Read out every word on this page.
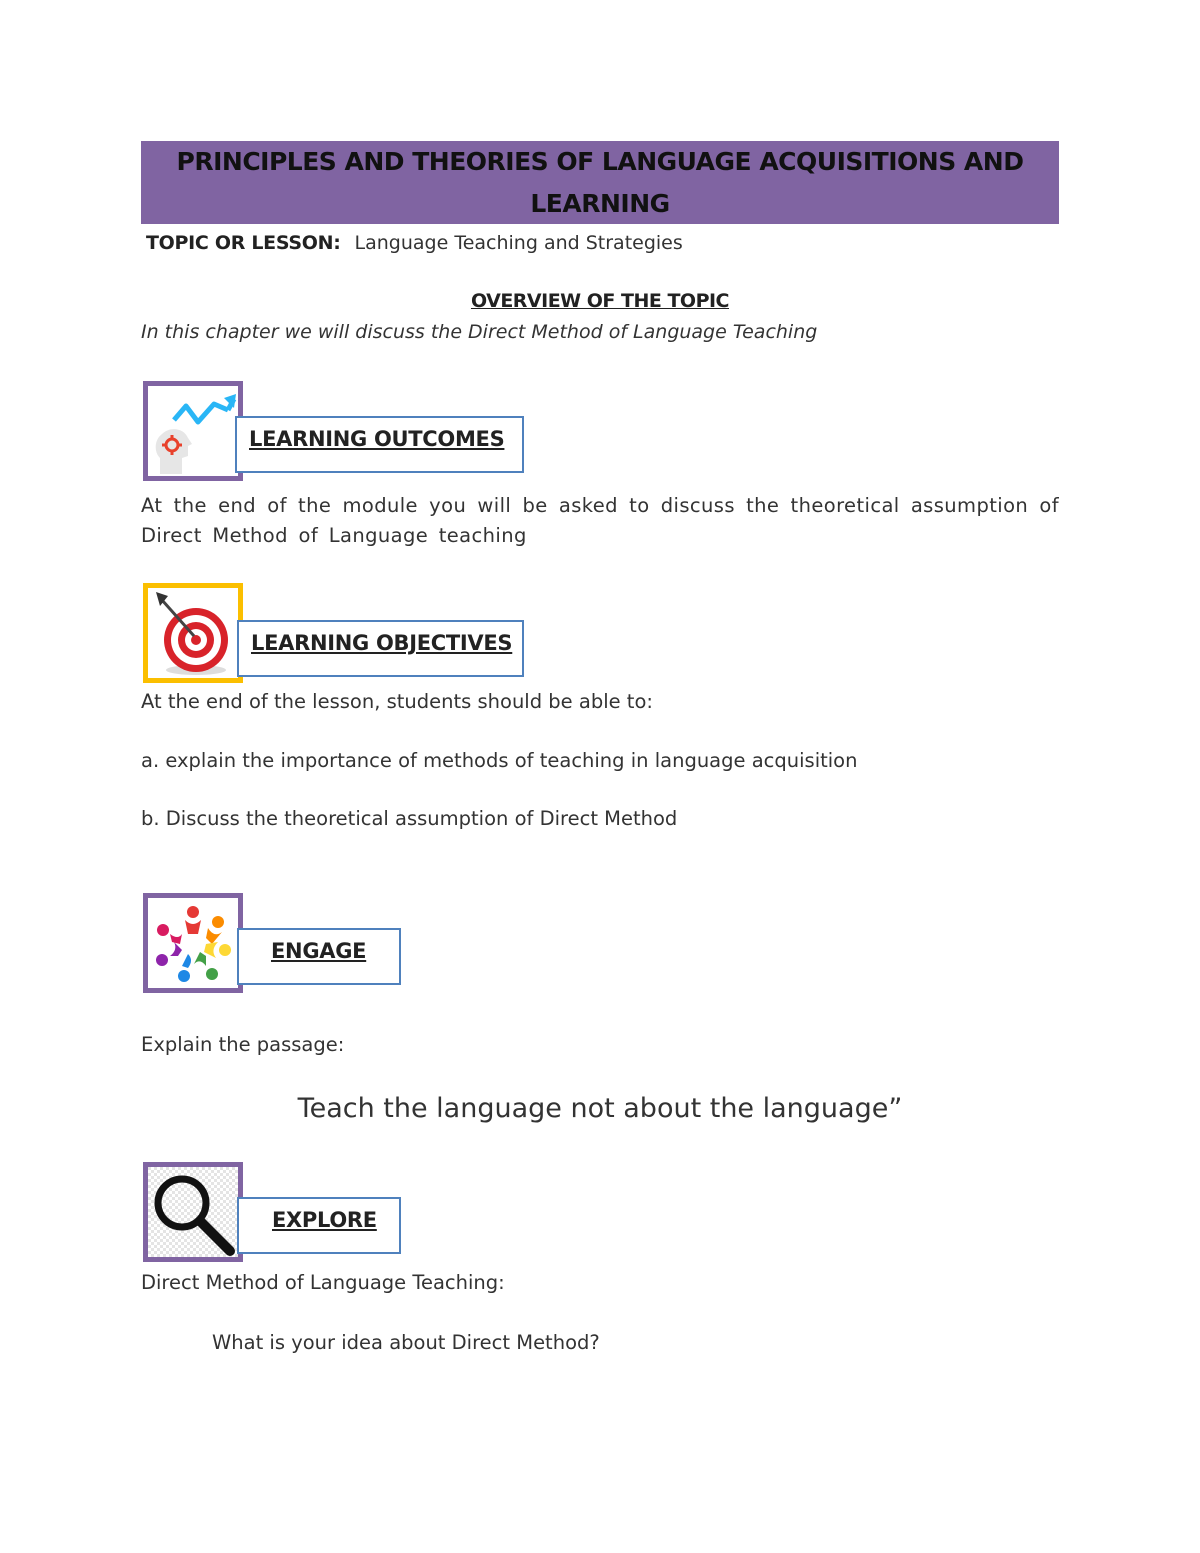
PRINCIPLES AND THEORIES OF LANGUAGE ACQUISITIONS AND
LEARNING
TOPIC OR LESSON: Language Teaching and Strategies
OVERVIEW OF THE TOPIC
In this chapter we will discuss the Direct Method of Language Teaching
LEARNING OUTCOMES
At the end of the module you will be asked to discuss the theoretical assumption of Direct Method of Language teaching
LEARNING OBJECTIVES
At the end of the lesson, students should be able to:
a. explain the importance of methods of teaching in language acquisition
b. Discuss the theoretical assumption of Direct Method
ENGAGE
Explain the passage:
Teach the language not about the language”
EXPLORE
Direct Method of Language Teaching:
What is your idea about Direct Method?
